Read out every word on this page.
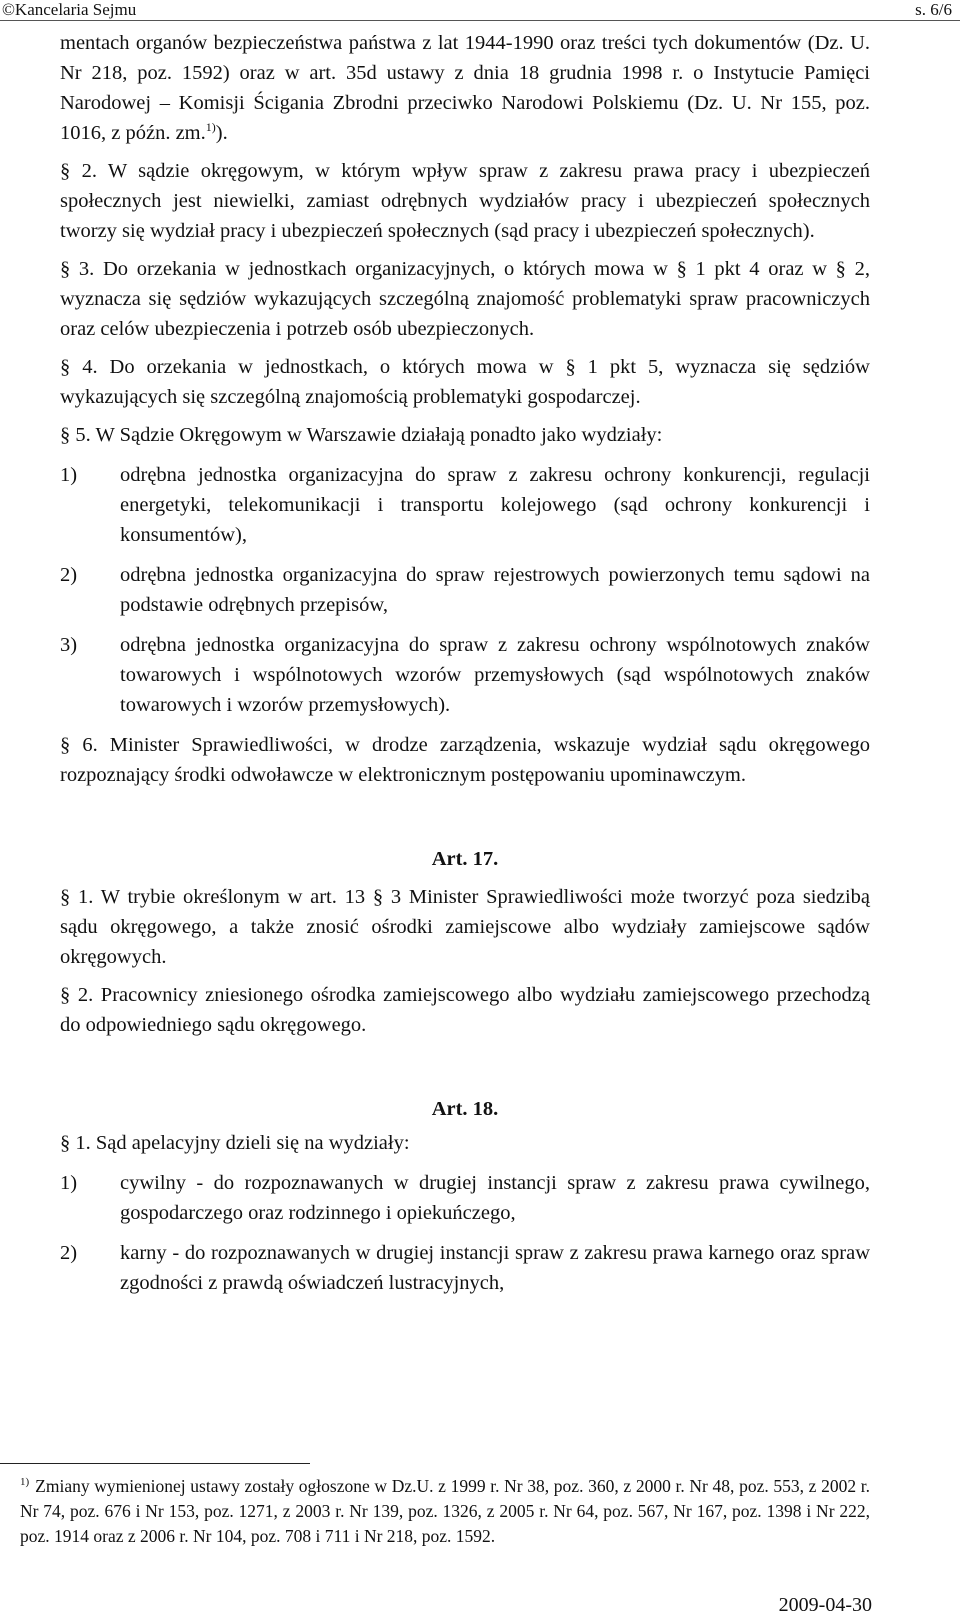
©Kancelaria Sejmu	s. 6/6

mentach organów bezpieczeństwa państwa z lat 1944-1990 oraz treści tych dokumentów (Dz. U. Nr 218, poz. 1592) oraz w art. 35d ustawy z dnia 18 grudnia 1998 r. o Instytucie Pamięci Narodowej – Komisji Ścigania Zbrodni przeciwko Narodowi Polskiemu (Dz. U. Nr 155, poz. 1016, z późn. zm.$^{1)}$).

§ 2. W sądzie okręgowym, w którym wpływ spraw z zakresu prawa pracy i ubezpieczeń społecznych jest niewielki, zamiast odrębnych wydziałów pracy i ubezpieczeń społecznych tworzy się wydział pracy i ubezpieczeń społecznych (sąd pracy i ubezpieczeń społecznych).

§ 3. Do orzekania w jednostkach organizacyjnych, o których mowa w § 1 pkt 4 oraz w § 2, wyznacza się sędziów wykazujących szczególną znajomość problematyki spraw pracowniczych oraz celów ubezpieczenia i potrzeb osób ubezpieczonych.

§ 4. Do orzekania w jednostkach, o których mowa w § 1 pkt 5, wyznacza się sędziów wykazujących się szczególną znajomością problematyki gospodarczej.

§ 5. W Sądzie Okręgowym w Warszawie działają ponadto jako wydziały:

1) odrębna jednostka organizacyjna do spraw z zakresu ochrony konkurencji, regulacji energetyki, telekomunikacji i transportu kolejowego (sąd ochrony konkurencji i konsumentów),
2) odrębna jednostka organizacyjna do spraw rejestrowych powierzonych temu sądowi na podstawie odrębnych przepisów,
3) odrębna jednostka organizacyjna do spraw z zakresu ochrony wspólnotowych znaków towarowych i wspólnotowych wzorów przemysłowych (sąd wspólnotowych znaków towarowych i wzorów przemysłowych).

§ 6. Minister Sprawiedliwości, w drodze zarządzenia, wskazuje wydział sądu okręgowego rozpoznający środki odwoławcze w elektronicznym postępowaniu upominawczym.

Art. 17.

§ 1. W trybie określonym w art. 13 § 3 Minister Sprawiedliwości może tworzyć poza siedzibą sądu okręgowego, a także znosić ośrodki zamiejscowe albo wydziały zamiejscowe sądów okręgowych.

§ 2. Pracownicy zniesionego ośrodka zamiejscowego albo wydziału zamiejscowego przechodzą do odpowiedniego sądu okręgowego.

Art. 18.

§ 1. Sąd apelacyjny dzieli się na wydziały:

1) cywilny - do rozpoznawanych w drugiej instancji spraw z zakresu prawa cywilnego, gospodarczego oraz rodzinnego i opiekuńczego,
2) karny - do rozpoznawanych w drugiej instancji spraw z zakresu prawa karnego oraz spraw zgodności z prawdą oświadczeń lustracyjnych,
$^{1)}$ Zmiany wymienionej ustawy zostały ogłoszone w Dz.U. z 1999 r. Nr 38, poz. 360, z 2000 r. Nr 48, poz. 553, z 2002 r. Nr 74, poz. 676 i Nr 153, poz. 1271, z 2003 r. Nr 139, poz. 1326, z 2005 r. Nr 64, poz. 567, Nr 167, poz. 1398 i Nr 222, poz. 1914 oraz z 2006 r. Nr 104, poz. 708 i 711 i Nr 218, poz. 1592.
2009-04-30
